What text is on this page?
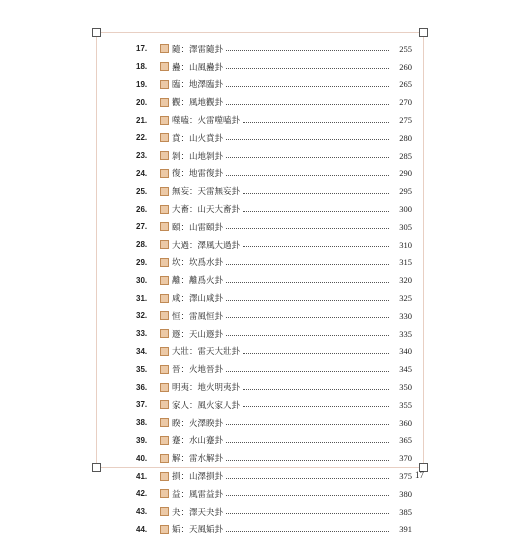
17.	隨：澤雷隨卦	255
18.	蠱：山風蠱卦	260
19.	臨：地澤臨卦	265
20.	觀：風地觀卦	270
21.	噬嗑：火雷噬嗑卦	275
22.	賁：山火賁卦	280
23.	剝：山地剝卦	285
24.	復：地雷復卦	290
25.	無妄：天雷無妄卦	295
26.	大畜：山天大畜卦	300
27.	頤：山雷頤卦	305
28.	大過：澤風大過卦	310
29.	坎：坎爲水卦	315
30.	離：離爲火卦	320
31.	咸：澤山咸卦	325
32.	恒：雷風恒卦	330
33.	遯：天山遯卦	335
34.	大壯：雷天大壯卦	340
35.	晉：火地晉卦	345
36.	明夷：地火明夷卦	350
37.	家人：風火家人卦	355
38.	睽：火澤睽卦	360
39.	蹇：水山蹇卦	365
40.	解：雷水解卦	370
41.	損：山澤損卦	375
42.	益：風雷益卦	380
43.	夬：澤天夬卦	385
44.	姤：天風姤卦	391
17
